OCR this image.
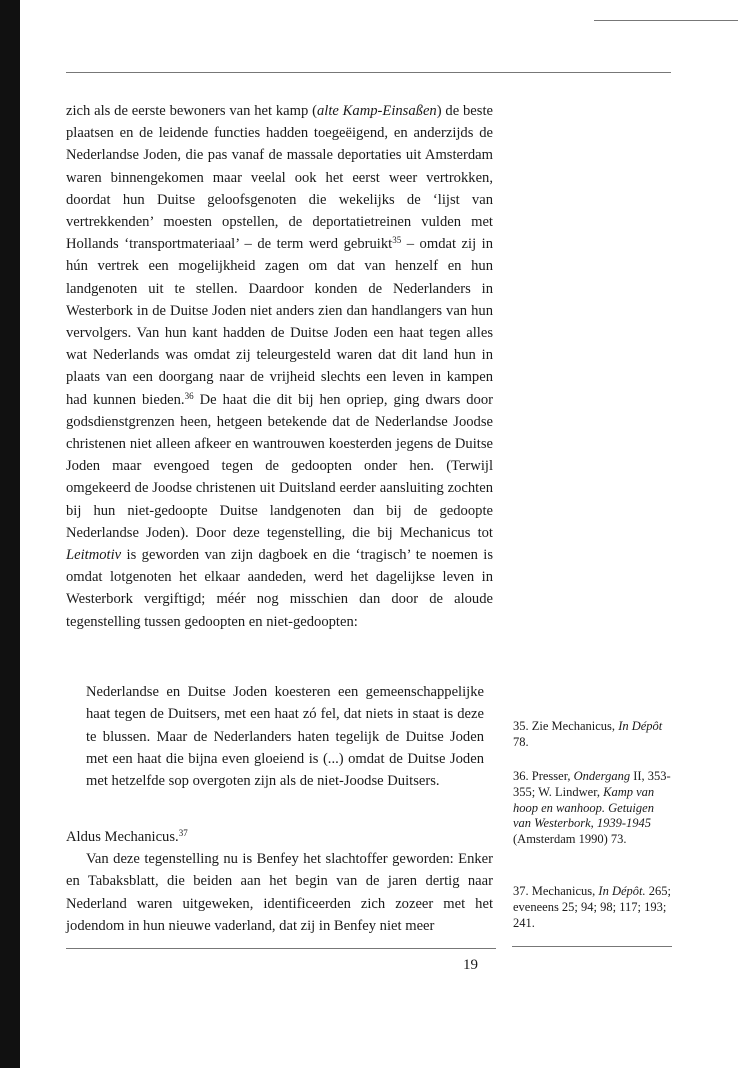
zich als de eerste bewoners van het kamp (alte Kamp-Einsaßen) de beste plaatsen en de leidende functies hadden toegeëigend, en anderzijds de Nederlandse Joden, die pas vanaf de massale deportaties uit Amsterdam waren binnengekomen maar veelal ook het eerst weer vertrokken, doordat hun Duitse geloofsgenoten die wekelijks de ‘lijst van vertrekkenden’ moesten opstellen, de deportatietreinen vulden met Hollands ‘transportmateriaal’ – de term werd gebruikt$^{35}$ – omdat zij in hún vertrek een mogelijkheid zagen om dat van henzelf en hun landgenoten uit te stellen. Daardoor konden de Nederlanders in Westerbork in de Duitse Joden niet anders zien dan handlangers van hun vervolgers. Van hun kant hadden de Duitse Joden een haat tegen alles wat Nederlands was omdat zij teleurgesteld waren dat dit land hun in plaats van een doorgang naar de vrijheid slechts een leven in kampen had kunnen bieden.$^{36}$ De haat die dit bij hen opriep, ging dwars door godsdienstgrenzen heen, hetgeen betekende dat de Nederlandse Joodse christenen niet alleen afkeer en wantrouwen koesterden jegens de Duitse Joden maar evengoed tegen de gedoopten onder hen. (Terwijl omgekeerd de Joodse christenen uit Duitsland eerder aansluiting zochten bij hun niet-gedoopte Duitse landgenoten dan bij de gedoopte Nederlandse Joden). Door deze tegenstelling, die bij Mechanicus tot Leitmotiv is geworden van zijn dagboek en die ‘tragisch’ te noemen is omdat lotgenoten het elkaar aandeden, werd het dagelijkse leven in Westerbork vergiftigd; méér nog misschien dan door de aloude tegenstelling tussen gedoopten en niet-gedoopten:

Nederlandse en Duitse Joden koesteren een gemeenschappelijke haat tegen de Duitsers, met een haat zó fel, dat niets in staat is deze te blussen. Maar de Nederlanders haten tegelijk de Duitse Joden met een haat die bijna even gloeiend is (...) omdat de Duitse Joden met hetzelfde sop overgoten zijn als de niet-Joodse Duitsers.

Aldus Mechanicus.$^{37}$

Van deze tegenstelling nu is Benfey het slachtoffer geworden: Enker en Tabaksblatt, die beiden aan het begin van de jaren dertig naar Nederland waren uitgeweken, identificeerden zich zozeer met het jodendom in hun nieuwe vaderland, dat zij in Benfey niet meer

35. Zie Mechanicus, In Dépôt 78.

36. Presser, Ondergang II, 353-355; W. Lindwer, Kamp van hoop en wanhoop. Getuigen van Westerbork, 1939-1945 (Amsterdam 1990) 73.

37. Mechanicus, In Dépôt. 265; eveneens 25; 94; 98; 117; 193; 241.

19
